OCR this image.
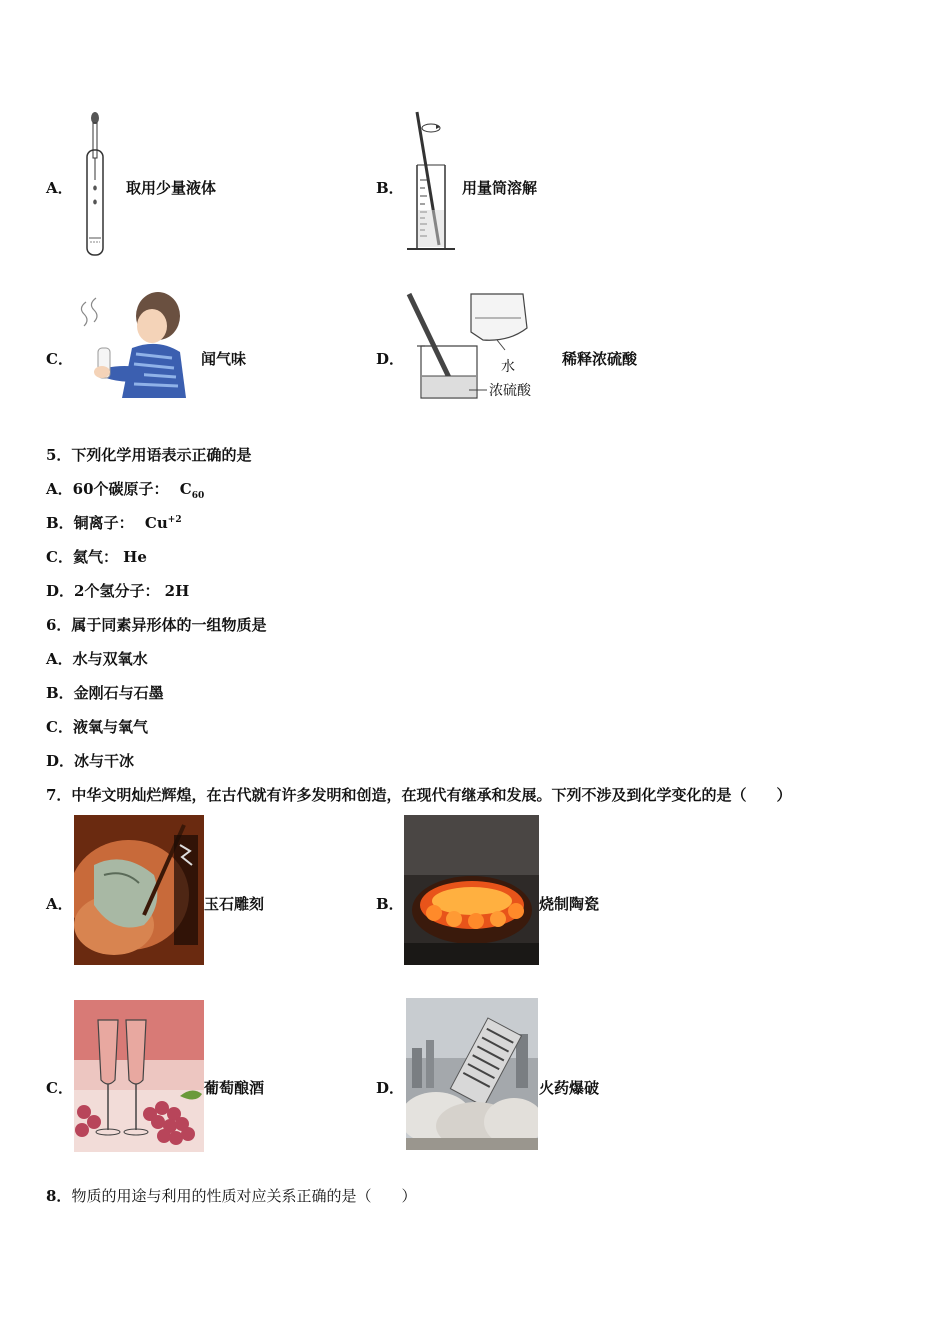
A．	取用少量液体	B．	用量筒溶解
C．	闻气味	D．	水
浓硫酸
稀释浓硫酸
5．下列化学用语表示正确的是
A．60个碳原子： $C_{60}$
B．铜离子： $Cu^{+2}$
C．氦气： He
D．2个氢分子： 2H
6．属于同素异形体的一组物质是
A．水与双氧水
B．金刚石与石墨
C．液氧与氧气
D．冰与干冰
7．中华文明灿烂辉煌，在古代就有许多发明和创造，在现代有继承和发展。下列不涉及到化学变化的是（　　）
A．	玉石雕刻	B．	烧制陶瓷
C．	葡萄酿酒	D．	火药爆破
8．物质的用途与利用的性质对应关系正确的是（　　）
